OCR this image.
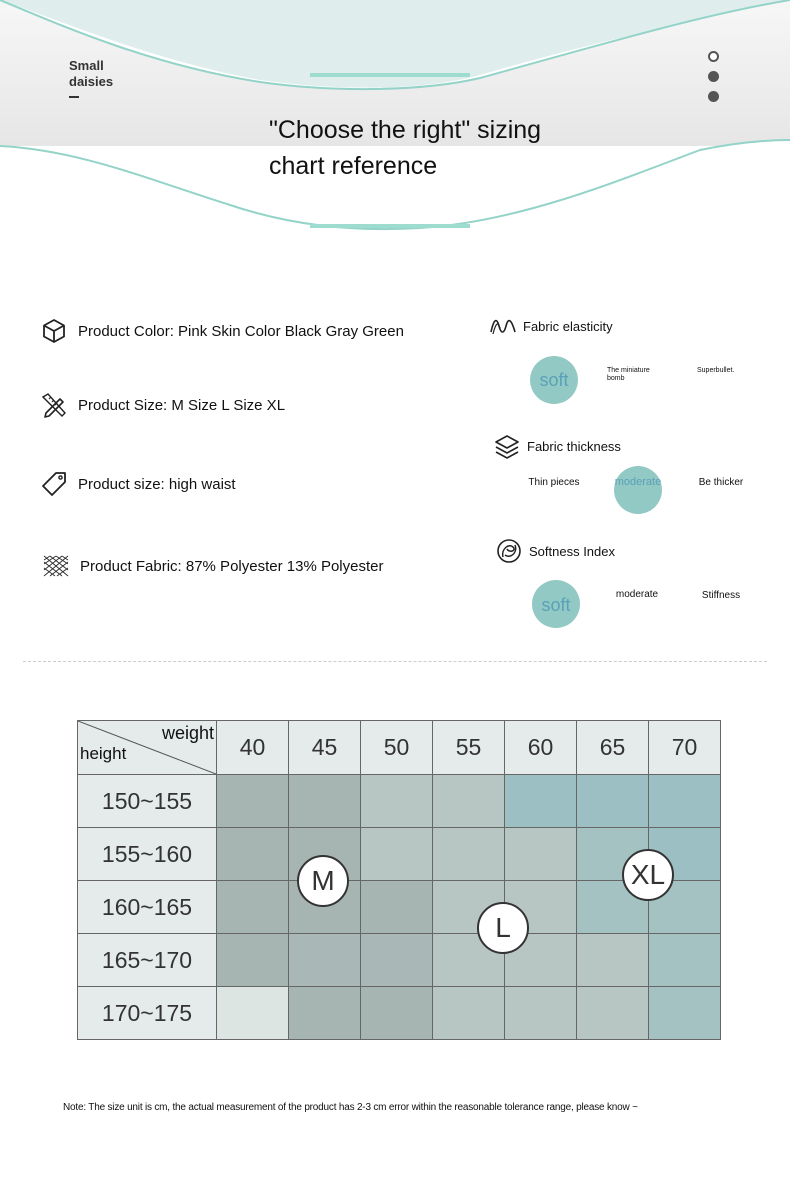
Small
daisies
"Choose the right" sizing chart reference
Product Color: Pink Skin Color Black Gray Green
Product Size: M Size L Size XL
Product size: high waist
Product Fabric: 87% Polyester 13% Polyester
Fabric elasticity
soft	The miniature bomb
Superbullet.
Fabric thickness
Thin pieces	moderate	Be thicker
Softness Index
soft
moderate	Stiffness
weight
height	40	45	50	55	60	65	70
150~155							
155~160							
160~165							
165~170							
170~175							
M
L
XL
Note: The size unit is cm, the actual measurement of the product has 2-3 cm error within the reasonable tolerance range, please know ~
